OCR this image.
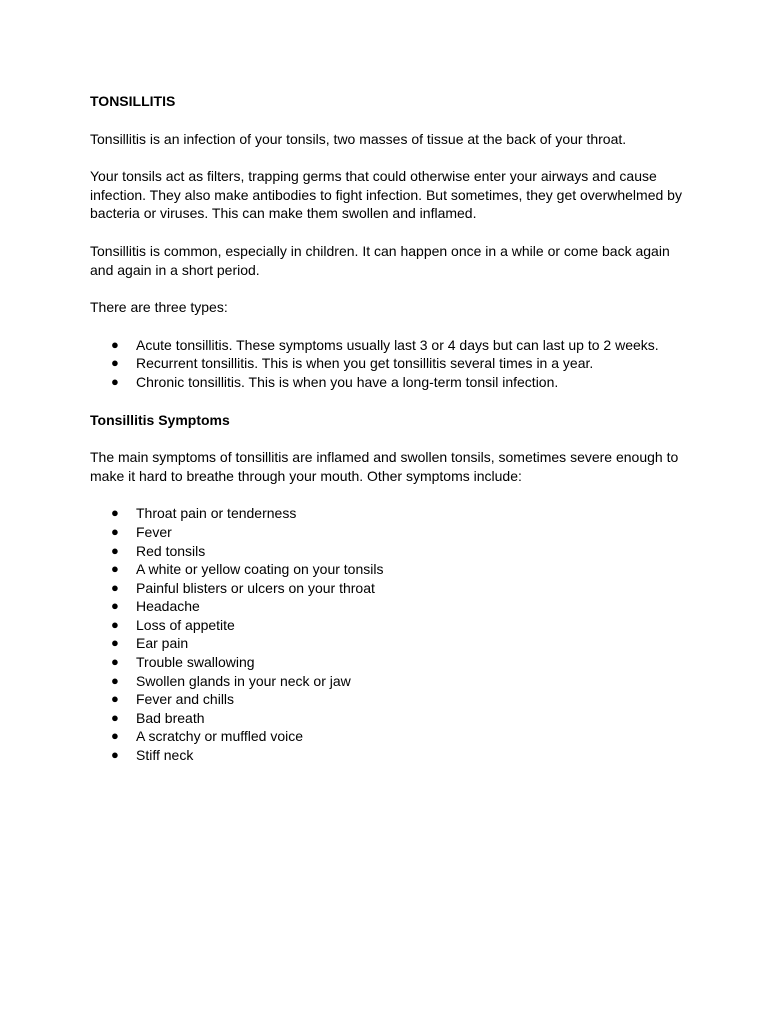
TONSILLITIS

Tonsillitis is an infection of your tonsils, two masses of tissue at the back of your throat.

Your tonsils act as filters, trapping germs that could otherwise enter your airways and cause

infection. They also make antibodies to fight infection. But sometimes, they get overwhelmed by

bacteria or viruses. This can make them swollen and inflamed.

Tonsillitis is common, especially in children. It can happen once in a while or come back again

and again in a short period.

There are three types:

● Acute tonsillitis. These symptoms usually last 3 or 4 days but can last up to 2 weeks.
● Recurrent tonsillitis. This is when you get tonsillitis several times in a year.
● Chronic tonsillitis. This is when you have a long-term tonsil infection.

Tonsillitis Symptoms

The main symptoms of tonsillitis are inflamed and swollen tonsils, sometimes severe enough to

make it hard to breathe through your mouth. Other symptoms include:

● Throat pain or tenderness
● Fever
● Red tonsils
● A white or yellow coating on your tonsils
● Painful blisters or ulcers on your throat
● Headache
● Loss of appetite
● Ear pain
● Trouble swallowing
● Swollen glands in your neck or jaw
● Fever and chills
● Bad breath
● A scratchy or muffled voice
● Stiff neck
